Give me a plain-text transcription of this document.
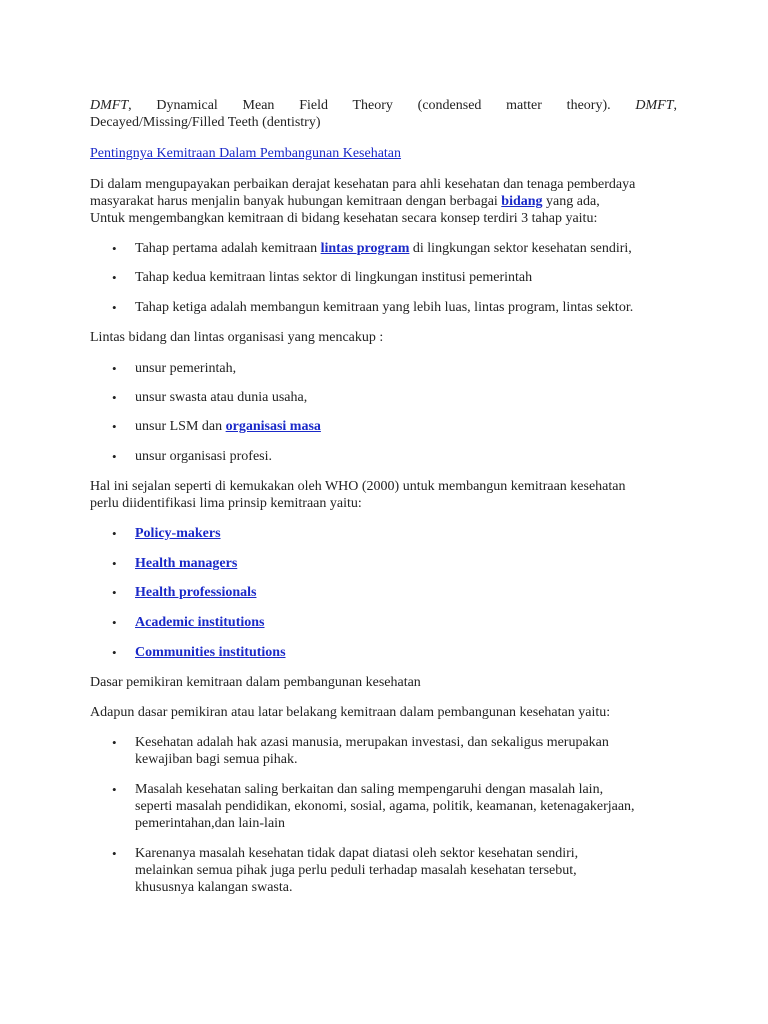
DMFT, Dynamical Mean Field Theory (condensed matter theory). DMFT,

Decayed/Missing/Filled Teeth (dentistry)

Pentingnya Kemitraan Dalam Pembangunan Kesehatan

Di dalam mengupayakan perbaikan derajat kesehatan para ahli kesehatan dan tenaga pemberdaya

masyarakat harus menjalin banyak hubungan kemitraan dengan berbagai bidang yang ada,

Untuk mengembangkan kemitraan di bidang kesehatan secara konsep terdiri 3 tahap yaitu:

• Tahap pertama adalah kemitraan lintas program di lingkungan sektor kesehatan sendiri,
• Tahap kedua kemitraan lintas sektor di lingkungan institusi pemerintah
• Tahap ketiga adalah membangun kemitraan yang lebih luas, lintas program, lintas sektor.

Lintas bidang dan lintas organisasi yang mencakup :

• unsur pemerintah,
• unsur swasta atau dunia usaha,
• unsur LSM dan organisasi masa
• unsur organisasi profesi.

Hal ini sejalan seperti di kemukakan oleh WHO (2000) untuk membangun kemitraan kesehatan

perlu diidentifikasi lima prinsip kemitraan yaitu:

• Policy-makers
• Health managers
• Health professionals
• Academic institutions
• Communities institutions

Dasar pemikiran kemitraan dalam pembangunan kesehatan

Adapun dasar pemikiran atau latar belakang kemitraan dalam pembangunan kesehatan yaitu:

• Kesehatan adalah hak azasi manusia, merupakan investasi, dan sekaligus merupakan
kewajiban bagi semua pihak.
• Masalah kesehatan saling berkaitan dan saling mempengaruhi dengan masalah lain,
seperti masalah pendidikan, ekonomi, sosial, agama, politik, keamanan, ketenagakerjaan,
pemerintahan,dan lain-lain
• Karenanya masalah kesehatan tidak dapat diatasi oleh sektor kesehatan sendiri,
melainkan semua pihak juga perlu peduli terhadap masalah kesehatan tersebut,
khususnya kalangan swasta.
